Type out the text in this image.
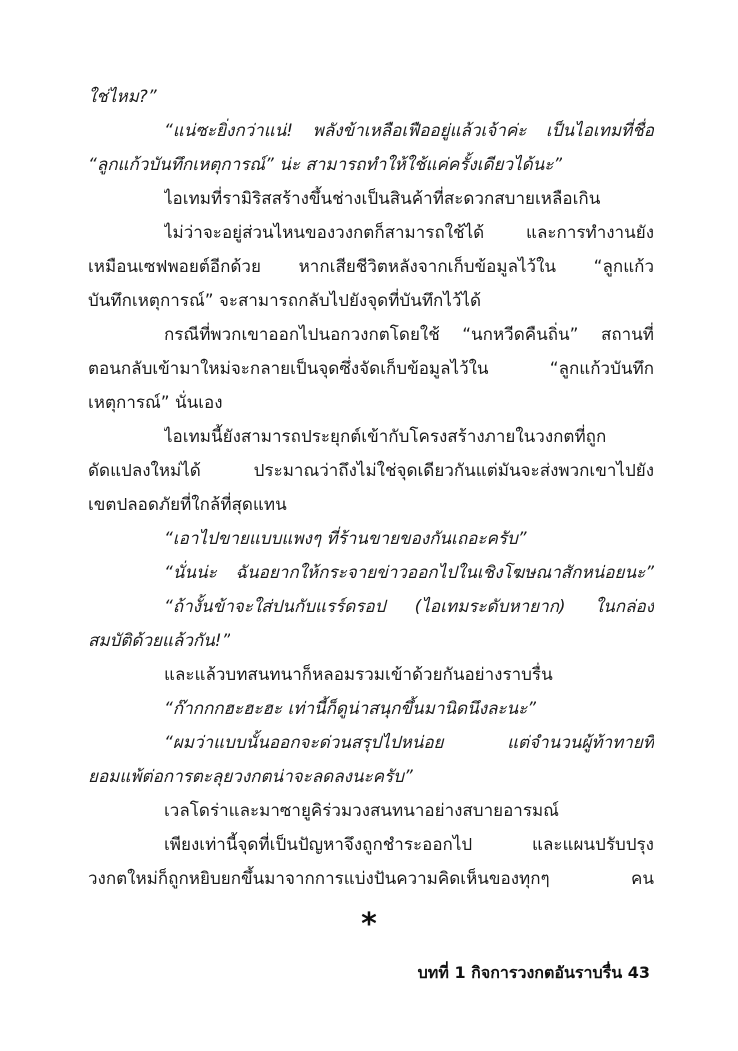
ใช่ไหม?”
“แน่ซะยิ่งกว่าแน่! พลังข้าเหลือเฟืออยู่แล้วเจ้าค่ะ เป็นไอเทมที่ชื่อ
“ลูกแก้วบันทึกเหตุการณ์” น่ะ สามารถทำให้ใช้แค่ครั้งเดียวได้นะ”
ไอเทมที่รามิริสสร้างขึ้นช่างเป็นสินค้าที่สะดวกสบายเหลือเกิน
ไม่ว่าจะอยู่ส่วนไหนของวงกตก็สามารถใช้ได้ และการทำงานยัง
เหมือนเซฟพอยต์อีกด้วย หากเสียชีวิตหลังจากเก็บข้อมูลไว้ใน “ลูกแก้ว
บันทึกเหตุการณ์” จะสามารถกลับไปยังจุดที่บันทึกไว้ได้
กรณีที่พวกเขาออกไปนอกวงกตโดยใช้ “นกหวีดคืนถิ่น” สถานที่
ตอนกลับเข้ามาใหม่จะกลายเป็นจุดซึ่งจัดเก็บข้อมูลไว้ใน “ลูกแก้วบันทึก
เหตุการณ์” นั่นเอง
ไอเทมนี้ยังสามารถประยุกต์เข้ากับโครงสร้างภายในวงกตที่ถูก
ดัดแปลงใหม่ได้ ประมาณว่าถึงไม่ใช่จุดเดียวกันแต่มันจะส่งพวกเขาไปยัง
เขตปลอดภัยที่ใกล้ที่สุดแทน
“เอาไปขายแบบแพงๆ ที่ร้านขายของกันเถอะครับ”
“นั่นน่ะ ฉันอยากให้กระจายข่าวออกไปในเชิงโฆษณาสักหน่อยนะ”
“ถ้างั้นข้าจะใส่ปนกับแรร์ดรอป (ไอเทมระดับหายาก) ในกล่อง
สมบัติด้วยแล้วกัน!”
และแล้วบทสนทนาก็หลอมรวมเข้าด้วยกันอย่างราบรื่น
“ก๊ากกกฮะฮะฮะ เท่านี้ก็ดูน่าสนุกขึ้นมานิดนึงละนะ”
“ผมว่าแบบนั้นออกจะด่วนสรุปไปหน่อย แต่จำนวนผู้ท้าทายที่
ยอมแพ้ต่อการตะลุยวงกตน่าจะลดลงนะครับ”
เวลโดร่าและมาซายูคิร่วมวงสนทนาอย่างสบายอารมณ์
เพียงเท่านี้จุดที่เป็นปัญหาจึงถูกชำระออกไป และแผนปรับปรุง
วงกตใหม่ก็ถูกหยิบยกขึ้นมาจากการแบ่งปันความคิดเห็นของทุกๆ คน
*
บทที่ 1 กิจการวงกตอันราบรื่น 43
